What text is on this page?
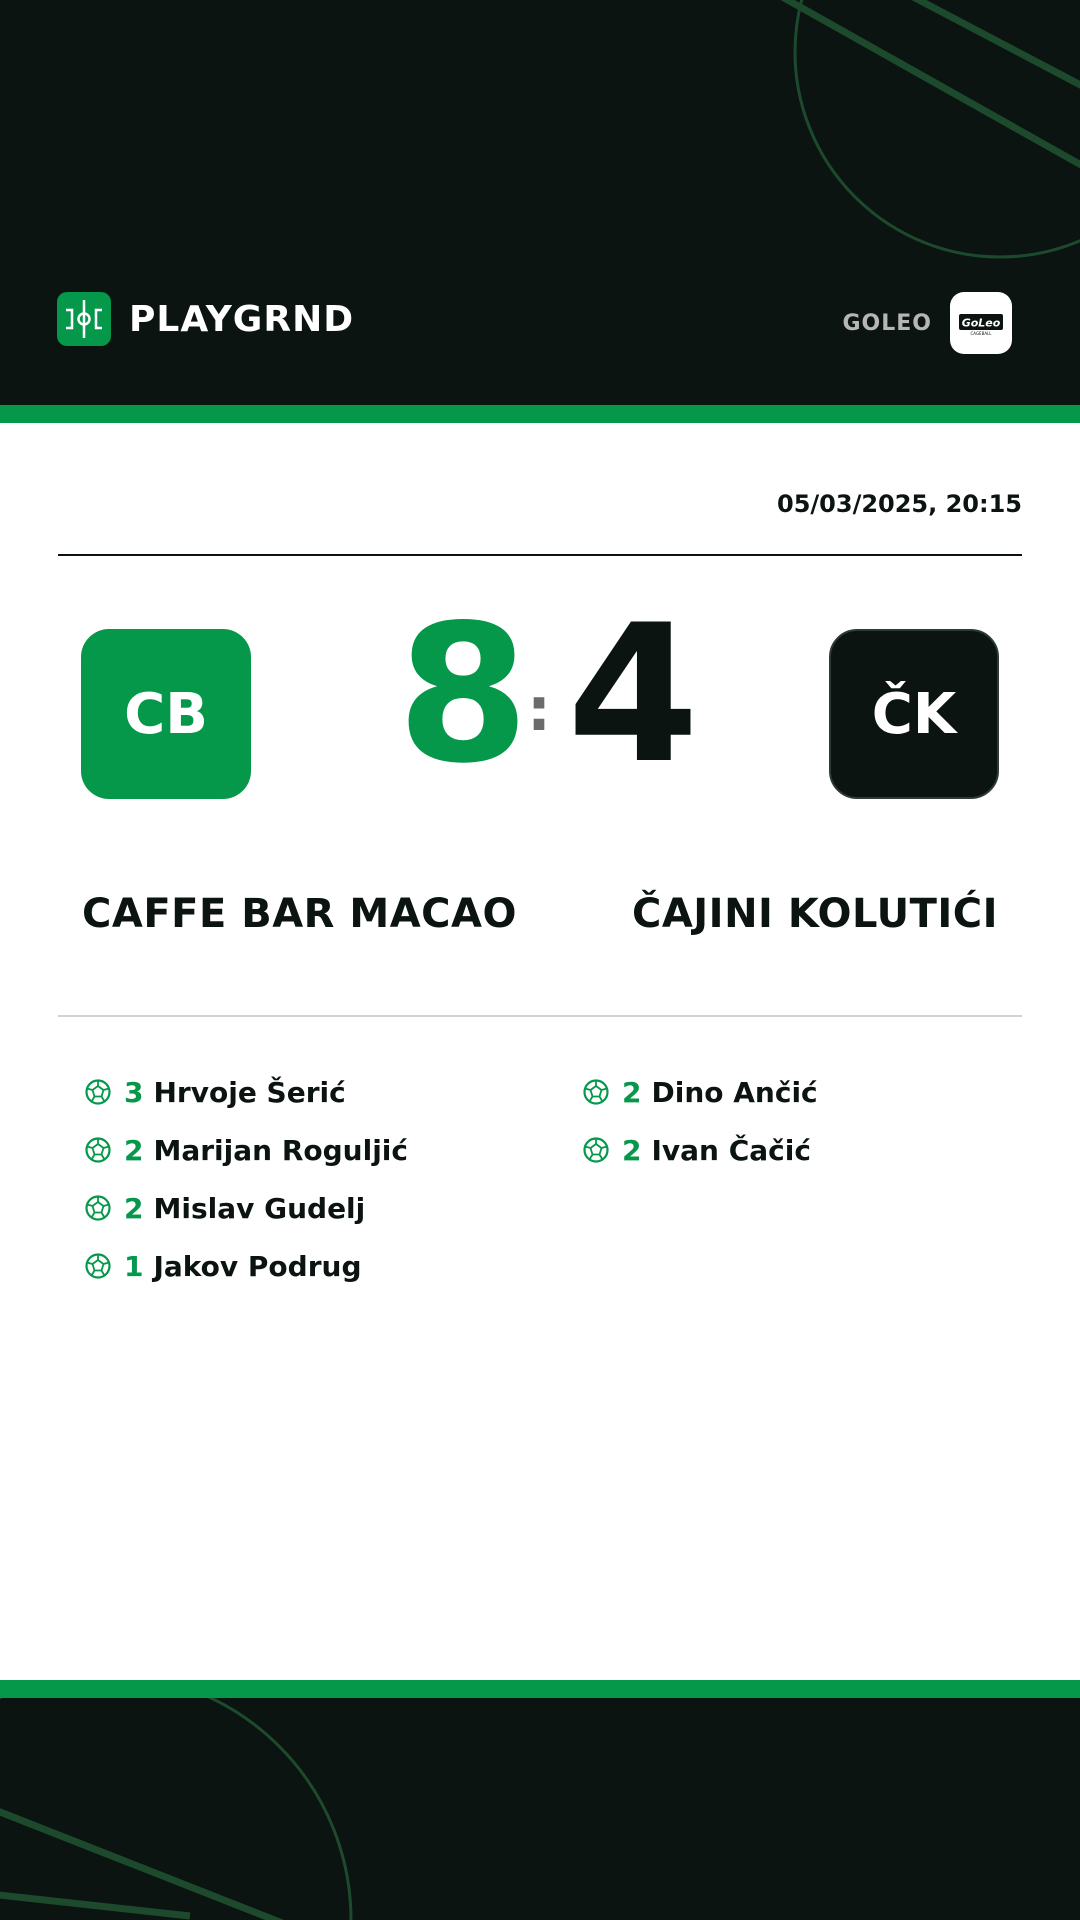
PLAYGRND	GOLEO	GoLeo
CAGEBALL
05/03/2025, 20:15
CB 8
: 4	ČK
CAFFE BAR MACAO	ČAJINI KOLUTIĆI
3 Hrvoje Šerić
2 Marijan Roguljić
2 Mislav Gudelj
1 Jakov Podrug
2 Dino Ančić
2 Ivan Čačić
